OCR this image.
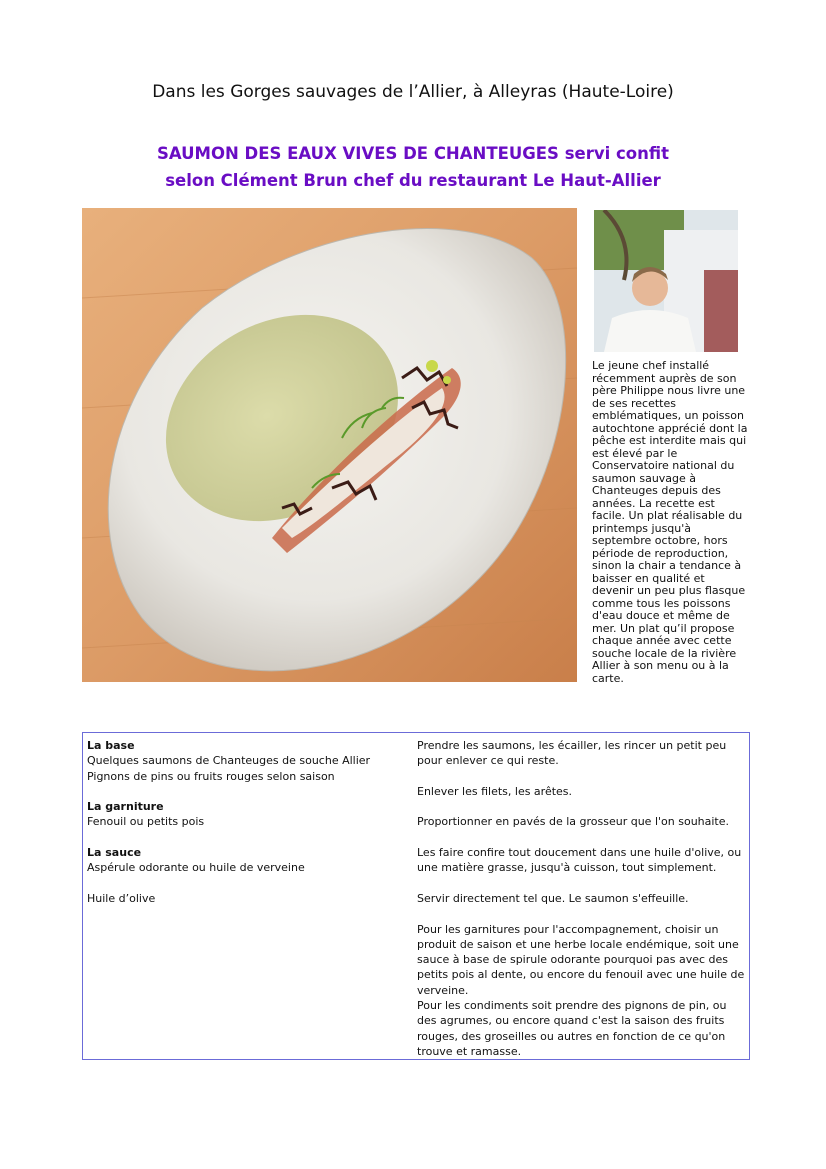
Dans les Gorges sauvages de l’Allier, à Alleyras (Haute-Loire)

SAUMON DES EAUX VIVES DE CHANTEUGES servi confit
selon Clément Brun chef du restaurant Le Haut-Allier

Le jeune chef installé récemment auprès de son père Philippe nous livre une de ses recettes emblématiques, un poisson autochtone apprécié dont la pêche est interdite mais qui est élevé par le Conservatoire national du saumon sauvage à Chanteuges depuis des années. La recette est facile. Un plat réalisable du printemps jusqu'à septembre octobre, hors période de reproduction, sinon la chair a tendance à baisser en qualité et devenir un peu plus flasque comme tous les poissons d'eau douce et même de mer. Un plat qu’il propose chaque année avec cette souche locale de la rivière Allier à son menu ou à la carte.

La base

Quelques saumons de Chanteuges de souche Allier

Pignons de pins ou fruits rouges selon saison

La garniture

Fenouil ou petits pois

La sauce

Aspérule odorante ou huile de verveine

Huile d’olive

Prendre les saumons, les écailler, les rincer un petit peu pour enlever ce qui reste.

Enlever les filets, les arêtes.

Proportionner en pavés de la grosseur que l'on souhaite.

Les faire confire tout doucement dans une huile d'olive, ou une matière grasse, jusqu'à cuisson, tout simplement.

Servir directement tel que. Le saumon s'effeuille.

Pour les garnitures pour l'accompagnement, choisir un produit de saison et une herbe locale endémique, soit une sauce à base de spirule odorante pourquoi pas avec des petits pois al dente, ou encore du fenouil avec une huile de verveine.

Pour les condiments soit prendre des pignons de pin, ou des agrumes, ou encore quand c'est la saison des fruits rouges, des groseilles ou autres en fonction de ce qu'on trouve et ramasse.
